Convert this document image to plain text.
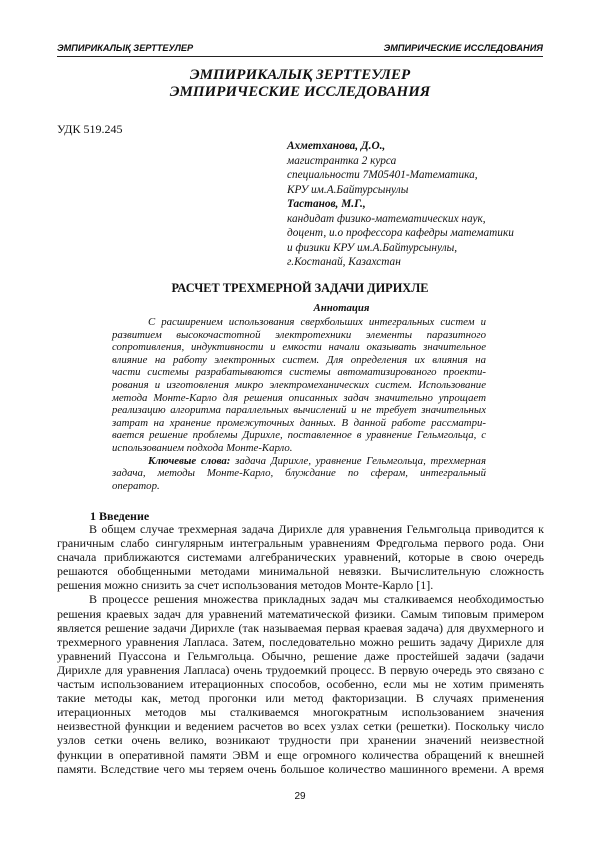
ЭМПИРИКАЛЫҚ ЗЕРТТЕУЛЕР	ЭМПИРИЧЕСКИЕ ИССЛЕДОВАНИЯ
ЭМПИРИКАЛЫҚ ЗЕРТТЕУЛЕР
ЭМПИРИЧЕСКИЕ ИССЛЕДОВАНИЯ
УДК 519.245
Ахметханова, Д.О.,
магистрантка 2 курса
специальности 7М05401-Математика,
КРУ им.А.Байтурсынулы
Тастанов, М.Г.,
кандидат физико-математических наук,
доцент, и.о профессора кафедры математики
и физики КРУ им.А.Байтурсынулы,
г.Костанай, Казахстан
РАСЧЕТ ТРЕХМЕРНОЙ ЗАДАЧИ ДИРИХЛЕ
Аннотация
С расширением использования сверхбольших интегральных систем и
развитием высокочастотной электротехники элементы паразитного
сопротивления, индуктивности и емкости начали оказывать значительное
влияние на работу электронных систем. Для определения их влияния на
части системы разрабатываются системы автоматизированого проекти-
рования и изготовления микро электромеханических систем. Использование
метода Монте-Карло для решения описанных задач значительно упрощает
реализацию алгоритма параллельных вычислений и не требует значительных
затрат на хранение промежуточных данных. В данной работе рассматри-
вается решение проблемы Дирихле, поставленное в уравнение Гельмгольца, с
использованием подхода Монте-Карло.
Ключевые слова: задача Дирихле, уравнение Гельмгольца, трехмерная
задача, методы Монте-Карло, блуждание по сферам, интегральный
оператор.
1 Введение
В общем случае трехмерная задача Дирихле для уравнения Гельмгольца приводится к
граничным слабо сингулярным интегральным уравнениям Фредгольма первого рода. Они
сначала приближаются системами алгебранических уравнений, которые в свою очередь
решаются обобщенными методами минимальной невязки. Вычислительную сложность
решения можно снизить за счет использования методов Монте-Карло [1].
В процессе решения множества прикладных задач мы сталкиваемся необходимостью
решения краевых задач для уравнений математической физики. Самым типовым примером
является решение задачи Дирихле (так называемая первая краевая задача) для двухмерного и
трехмерного уравнения Лапласа. Затем, последовательно можно решить задачу Дирихле для
уравнений Пуассона и Гельмгольца. Обычно, решение даже простейшей задачи (задачи
Дирихле для уравнения Лапласа) очень трудоемкий процесс. В первую очередь это связано с
частым использованием итерационных способов, особенно, если мы не хотим применять
такие методы как, метод прогонки или метод факторизации. В случаях применения
итерационных методов мы сталкиваемся многократным использованием значения
неизвестной функции и ведением расчетов во всех узлах сетки (решетки). Поскольку число
узлов сетки очень велико, возникают трудности при хранении значений неизвестной
функции в оперативной памяти ЭВМ и еще огромного количества обращений к внешней
памяти. Вследствие чего мы теряем очень большое количество машинного времени. А время
29
